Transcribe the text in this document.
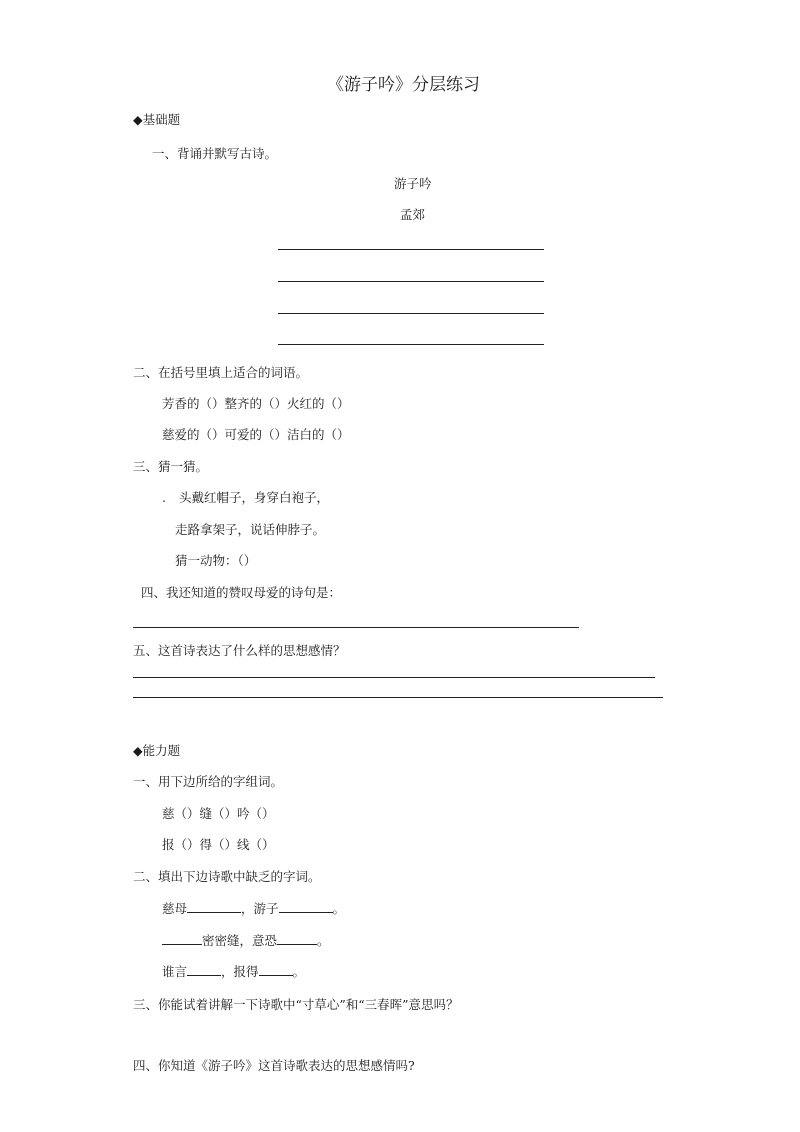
《游子吟》分层练习
◆基础题
一、背诵并默写古诗。
游子吟
孟郊
二、在括号里填上适合的词语。
芳香的（）整齐的（）火红的（）
慈爱的（）可爱的（）洁白的（）
三、猜一猜。
. 头戴红帽子，身穿白袍子，
走路拿架子，说话伸脖子。
猜一动物：（）
四、我还知道的赞叹母爱的诗句是：
五、这首诗表达了什么样的思想感情？
◆能力题
一、用下边所给的字组词。
慈（）缝（）吟（）
报（）得（）线（）
二、填出下边诗歌中缺乏的字词。
慈母	，游子	。
密密缝，意恐	。
谁言	，报得	。
三、你能试着讲解一下诗歌中“寸草心”和“三春晖”意思吗？
四、你知道《游子吟》这首诗歌表达的思想感情吗?
